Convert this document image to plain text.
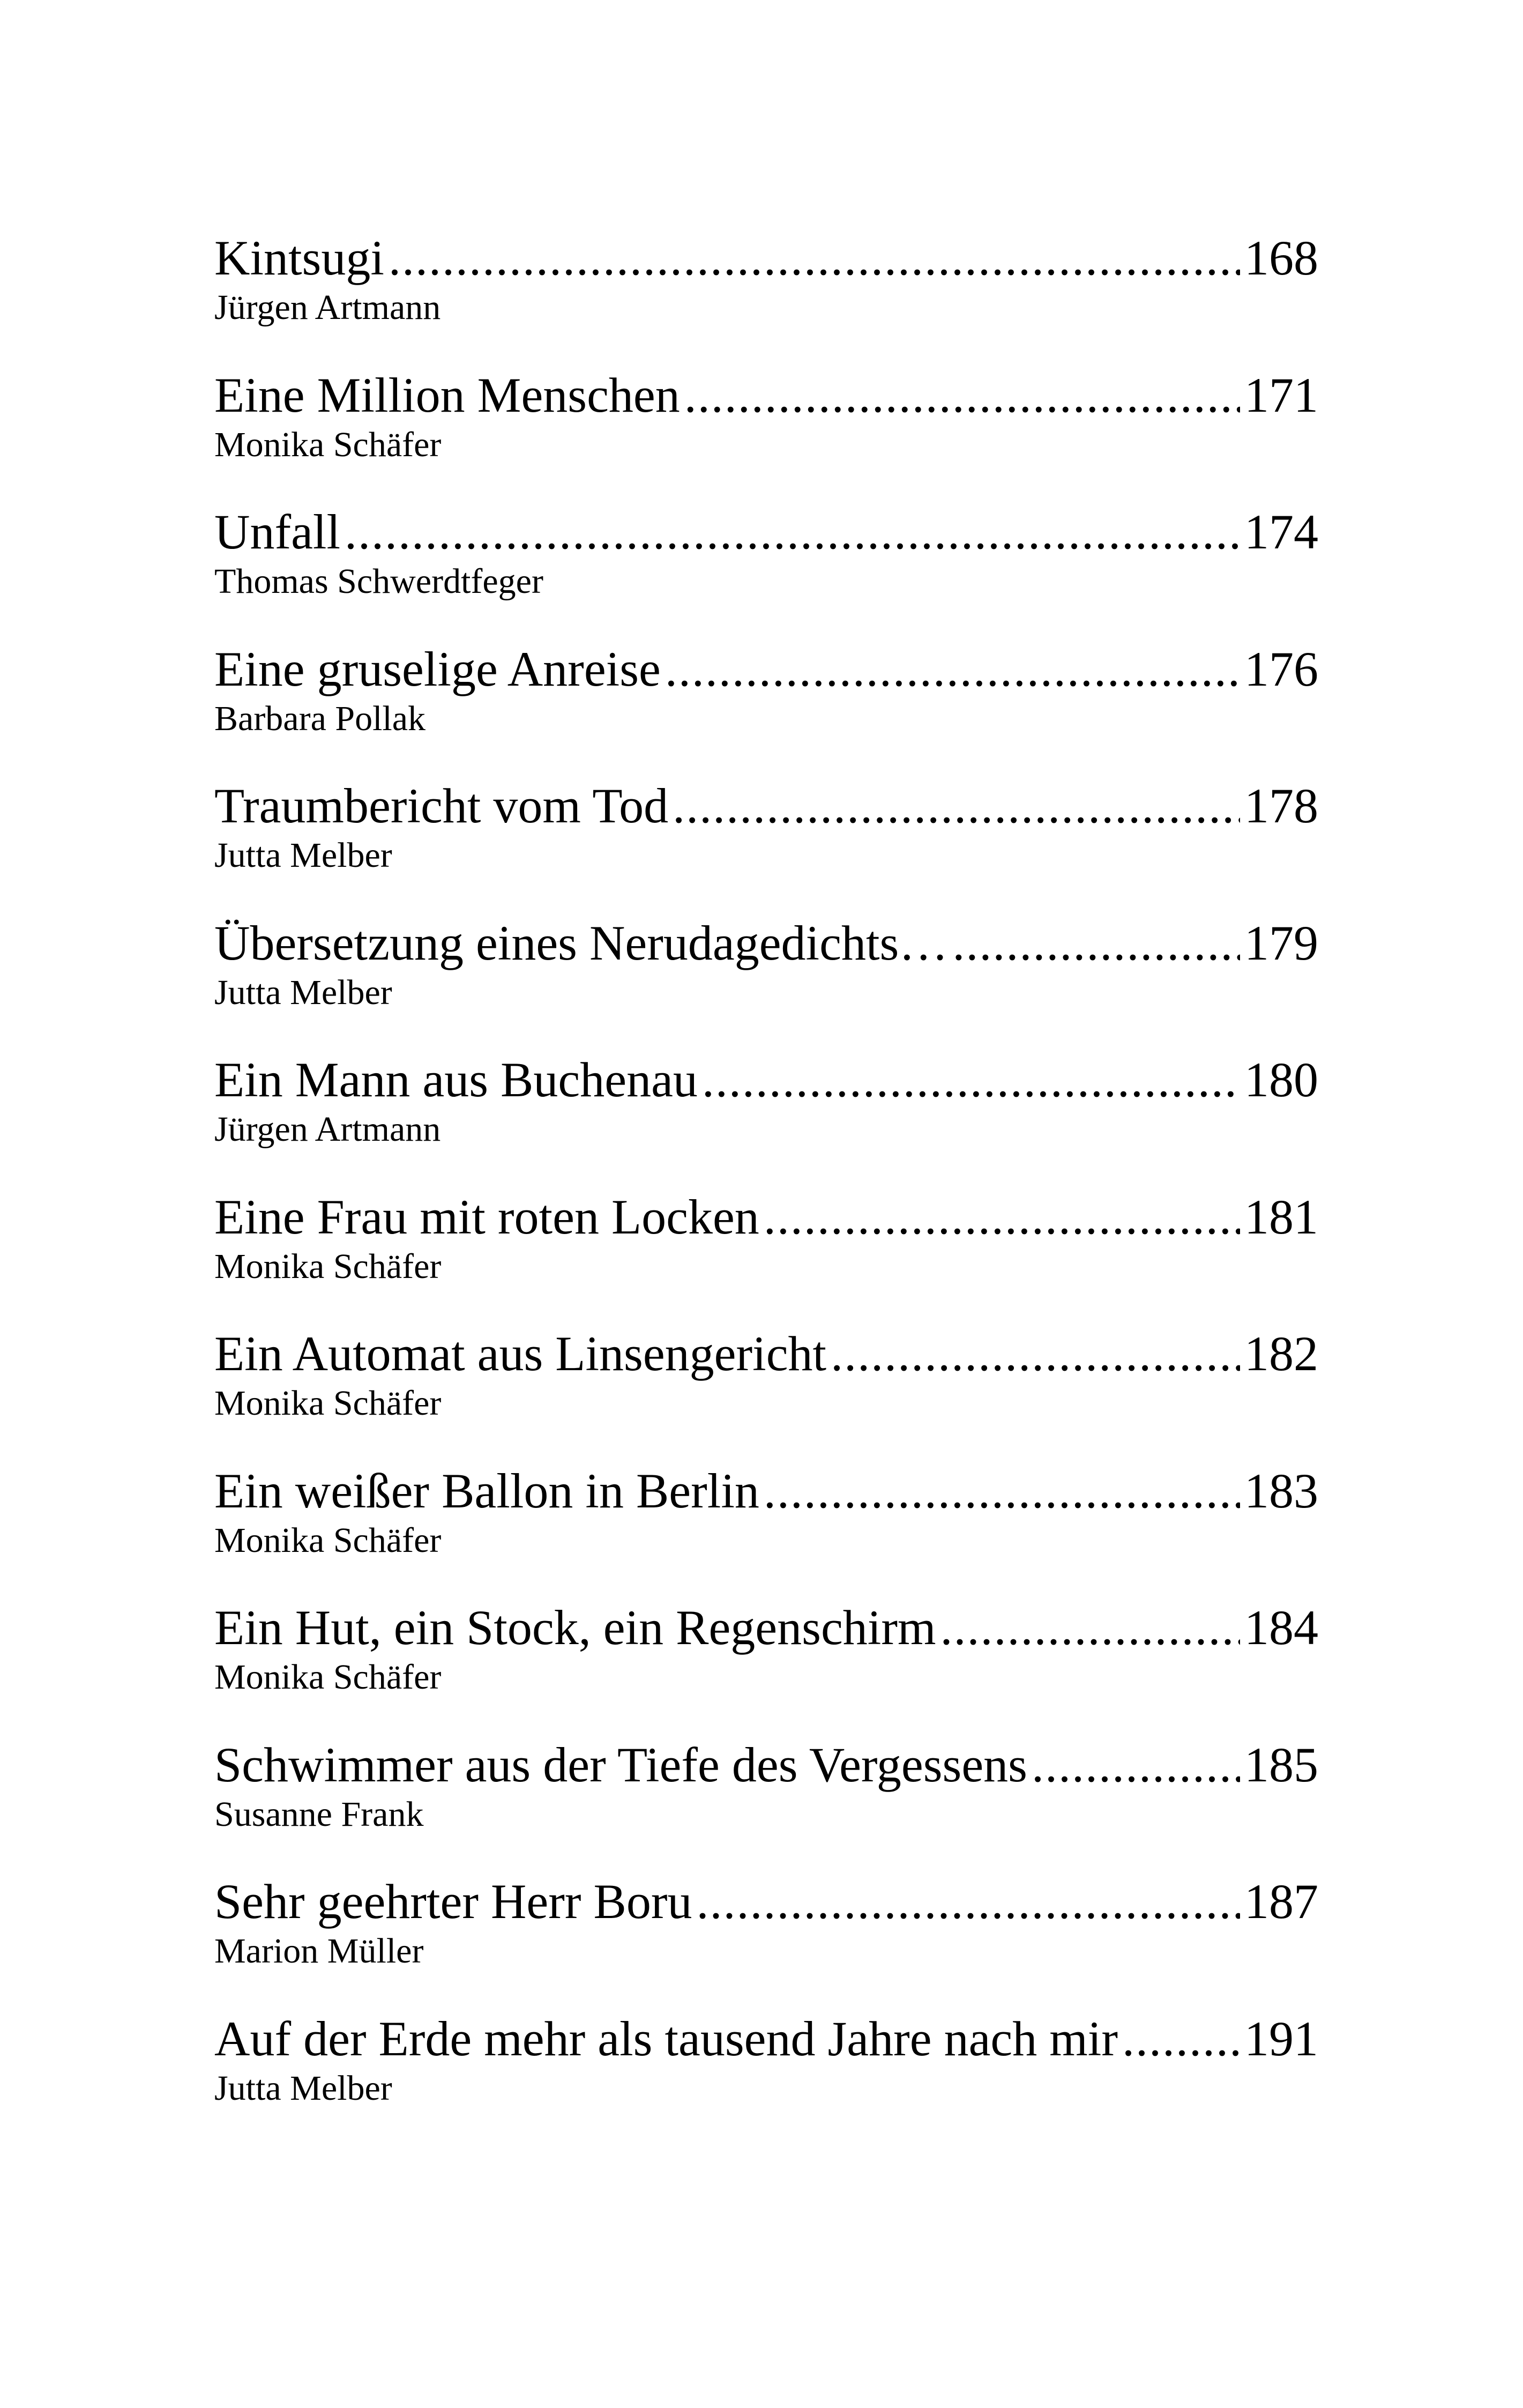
Kintsugi .....	168
Jürgen Artmann
Eine Million Menschen .....	171
Monika Schäfer
Unfall .....	174
Thomas Schwerdtfeger
Eine gruselige Anreise .....	176
Barbara Pollak
Traumbericht vom Tod .....	178
Jutta Melber
Übersetzung eines Nerudagedichts… .....	179
Jutta Melber
Ein Mann aus Buchenau .....	180
Jürgen Artmann
Eine Frau mit roten Locken .....	181
Monika Schäfer
Ein Automat aus Linsengericht .....	182
Monika Schäfer
Ein weißer Ballon in Berlin .....	183
Monika Schäfer
Ein Hut, ein Stock, ein Regenschirm .....	184
Monika Schäfer
Schwimmer aus der Tiefe des Vergessens .....	185
Susanne Frank
Sehr geehrter Herr Boru .....	187
Marion Müller
Auf der Erde mehr als tausend Jahre nach mir .....	191
Jutta Melber
